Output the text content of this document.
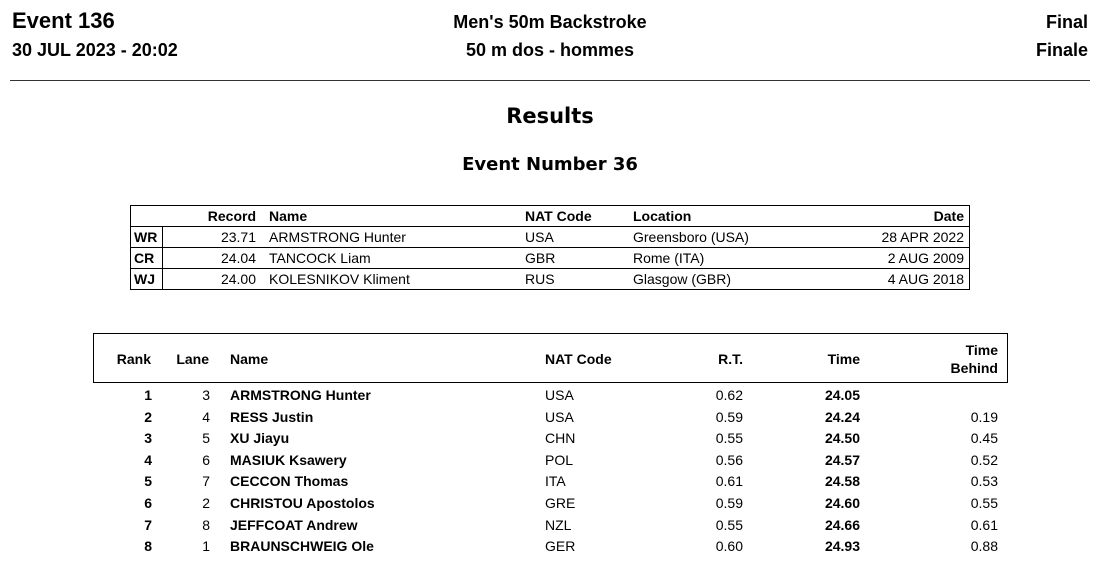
Event 136
30 JUL 2023 - 20:02
Men's 50m Backstroke
50 m dos - hommes
Final
Finale
Results
Event Number 36
Record Name	NAT Code	Location	Date
WR	23.71 ARMSTRONG Hunter	USA	Greensboro (USA)	28 APR 2022
CR	24.04 TANCOCK Liam	GBR	Rome (ITA)	2 AUG 2009
WJ	24.00 KOLESNIKOV Kliment	RUS	Glasgow (GBR)	4 AUG 2018
Rank Lane Name	NAT Code	R.T.	Time
Time
Behind
1	3 ARMSTRONG Hunter	USA	0.62	24.05
2	4 RESS Justin	USA	0.59	24.24	0.19
3	5 XU Jiayu	CHN	0.55	24.50	0.45
4	6 MASIUK Ksawery	POL	0.56	24.57	0.52
5	7 CECCON Thomas	ITA	0.61	24.58	0.53
6	2 CHRISTOU Apostolos	GRE	0.59	24.60	0.55
7	8 JEFFCOAT Andrew	NZL	0.55	24.66	0.61
8	1 BRAUNSCHWEIG Ole	GER	0.60	24.93	0.88
